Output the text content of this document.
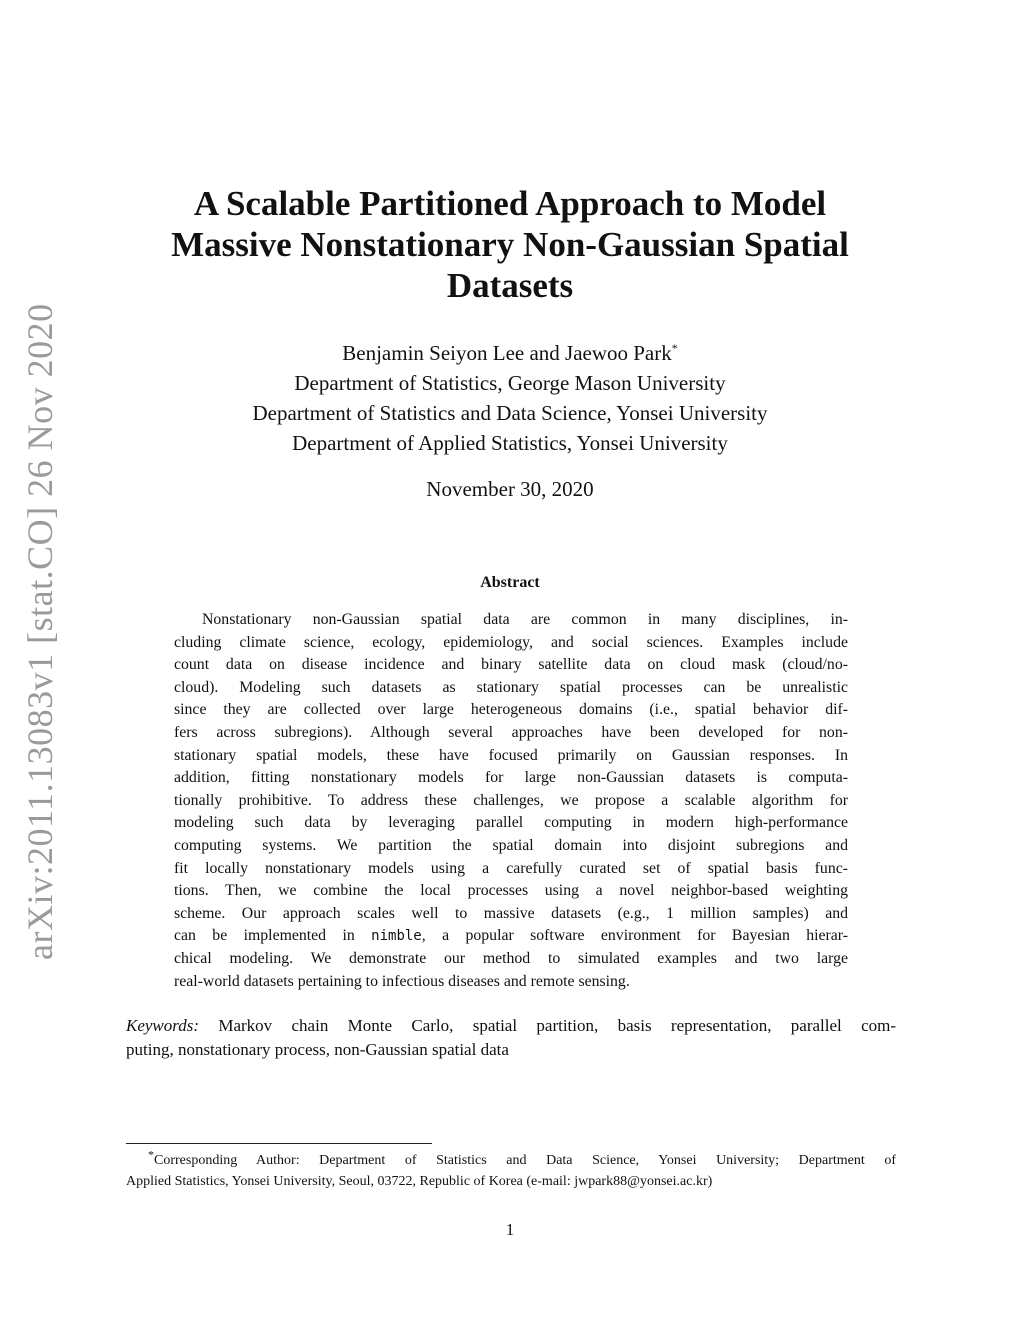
arXiv:2011.13083v1 [stat.CO] 26 Nov 2020
A Scalable Partitioned Approach to Model
Massive Nonstationary Non-Gaussian Spatial
Datasets
Benjamin Seiyon Lee and Jaewoo Park*
Department of Statistics, George Mason University
Department of Statistics and Data Science, Yonsei University
Department of Applied Statistics, Yonsei University
November 30, 2020
Abstract
Nonstationary non-Gaussian spatial data are common in many disciplines, in-
cluding climate science, ecology, epidemiology, and social sciences. Examples include
count data on disease incidence and binary satellite data on cloud mask (cloud/no-
cloud). Modeling such datasets as stationary spatial processes can be unrealistic
since they are collected over large heterogeneous domains (i.e., spatial behavior dif-
fers across subregions). Although several approaches have been developed for non-
stationary spatial models, these have focused primarily on Gaussian responses. In
addition, fitting nonstationary models for large non-Gaussian datasets is computa-
tionally prohibitive. To address these challenges, we propose a scalable algorithm for
modeling such data by leveraging parallel computing in modern high-performance
computing systems. We partition the spatial domain into disjoint subregions and
fit locally nonstationary models using a carefully curated set of spatial basis func-
tions. Then, we combine the local processes using a novel neighbor-based weighting
scheme. Our approach scales well to massive datasets (e.g., 1 million samples) and
can be implemented in nimble, a popular software environment for Bayesian hierar-
chical modeling. We demonstrate our method to simulated examples and two large
real-world datasets pertaining to infectious diseases and remote sensing.
Keywords: Markov chain Monte Carlo, spatial partition, basis representation, parallel com-
puting, nonstationary process, non-Gaussian spatial data
*Corresponding Author: Department of Statistics and Data Science, Yonsei University; Department of
Applied Statistics, Yonsei University, Seoul, 03722, Republic of Korea (e-mail: jwpark88@yonsei.ac.kr)
1
